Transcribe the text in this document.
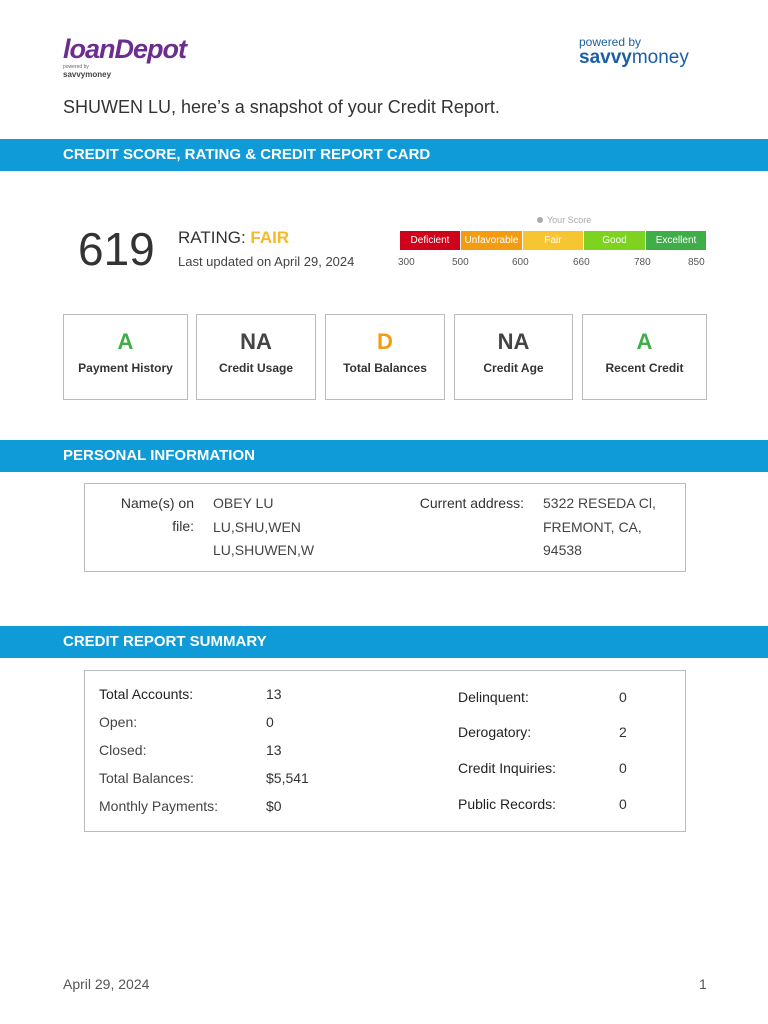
loanDepot
powered by
savvymoney
powered by
savvymoney
SHUWEN LU, here’s a snapshot of your Credit Report.
CREDIT SCORE, RATING & CREDIT REPORT CARD
619 RATING: FAIR
Last updated on April 29, 2024
Your Score
Deficient	Unfavorable	Fair	Good	Excellent
300	500	600	660	780	850
A
Payment History
NA
Credit Usage
D
Total Balances
NA
Credit Age
A
Recent Credit
PERSONAL INFORMATION
Name(s) on
file:
OBEY LU
LU,SHU,WEN
LU,SHUWEN,W
Current address: 5322 RESEDA Cl,
FREMONT, CA,
94538
CREDIT REPORT SUMMARY
Total Accounts:	13
Open:	0
Closed:	13
Total Balances:	$5,541
Monthly Payments:	$0
Delinquent:	0
Derogatory:	2
Credit Inquiries:	0
Public Records:	0
April 29, 2024	1
